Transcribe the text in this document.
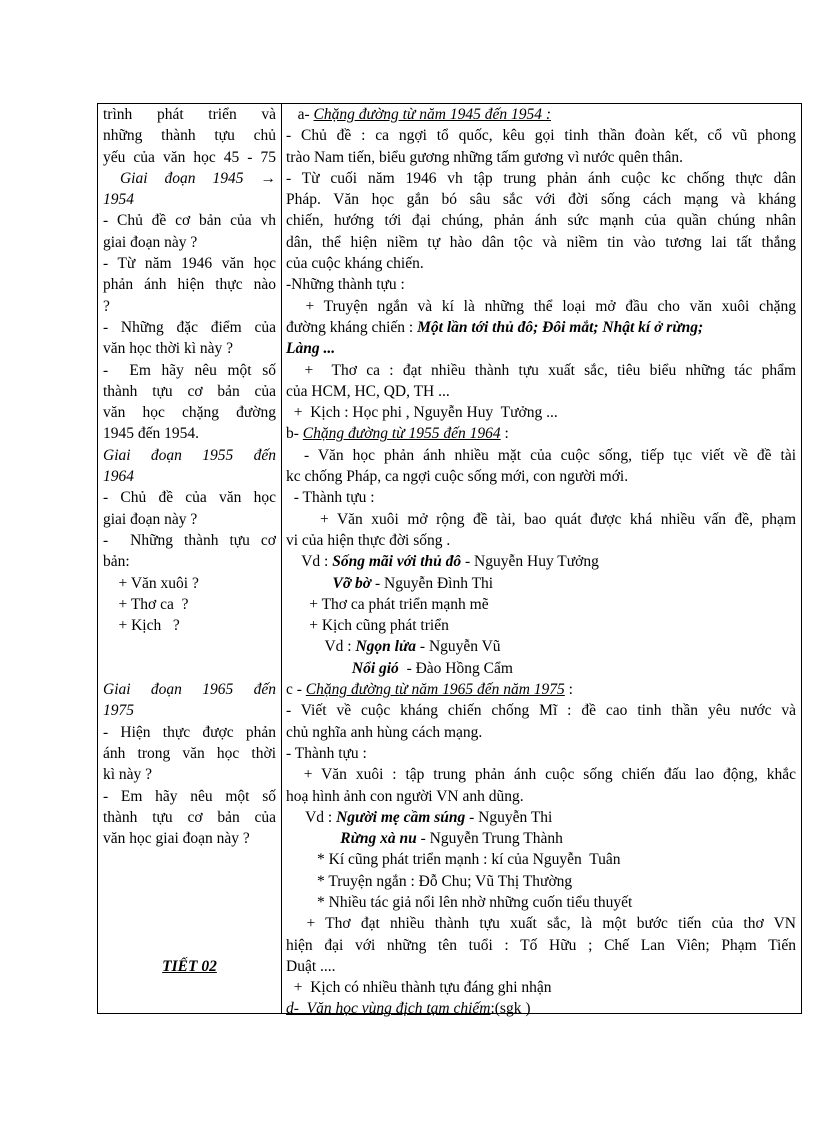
trình phát triển và
những thành tựu chủ
yếu của văn học 45 - 75
Giai đoạn 1945 →
1954
- Chủ đề cơ bản của vh
giai đoạn này ?
- Từ năm 1946 văn học
phản ánh hiện thực nào
?
- Những đặc điểm của
văn học thời kì này ?
-  Em hãy nêu một số
thành tựu cơ bản của
văn học chặng đường
1945 đến 1954.
Giai đoạn 1955 đến
1964
- Chủ đề của văn học
giai đoạn này ?
-  Những thành tựu cơ
bản:
+ Văn xuôi ?
+ Thơ ca  ?
+ Kịch   ?
Giai đoạn 1965 đến
1975
- Hiện thực được phản
ánh trong văn học thời
kì này ?
- Em hãy nêu một số
thành tựu cơ bản của
văn học giai đoạn này ?
TIẾT 02
a- Chặng đường từ năm 1945 đến 1954 :
- Chủ đề : ca ngợi tổ quốc, kêu gọi tinh thần đoàn kết, cổ vũ phong
trào Nam tiến, biểu gương những tấm gương vì nước quên thân.
- Từ cuối năm 1946 vh tập trung phản ánh cuộc kc chống thực dân
Pháp. Văn học gắn bó sâu sắc với đời sống cách mạng và kháng
chiến, hướng tới đại chúng, phản ánh sức mạnh của quần chúng nhân
dân, thể hiện niềm tự hào dân tộc và niềm tin vào tương lai tất thắng
của cuộc kháng chiến.
-Những thành tựu :
+ Truyện ngắn và kí là những thể loại mở đầu cho văn xuôi chặng
đường kháng chiến : Một lần tới thủ đô; Đôi mắt; Nhật kí ở rừng;
Làng ...
+  Thơ ca : đạt nhiều thành tựu xuất sắc, tiêu biểu những tác phẩm
của HCM, HC, QD, TH ...
+  Kịch : Học phi , Nguyễn Huy  Tưởng ...
b- Chặng đường từ 1955 đến 1964 :
- Văn học phản ánh nhiều mặt của cuộc sống, tiếp tục viết về đề tài
kc chống Pháp, ca ngợi cuộc sống mới, con người mới.
- Thành tựu :
+ Văn xuôi mở rộng đề tài, bao quát được khá nhiều vấn đề, phạm
vi của hiện thực đời sống .
Vd : Sống mãi với thủ đô - Nguyễn Huy Tưởng
Vỡ bờ - Nguyễn Đình Thi
+ Thơ ca phát triển mạnh mẽ
+ Kịch cũng phát triển
Vd : Ngọn lửa - Nguyễn Vũ
Nổi gió  - Đào Hồng Cẩm
c - Chặng đường từ năm 1965 đến năm 1975 :
- Viết về cuộc kháng chiến chống Mĩ : đề cao tinh thần yêu nước và
chủ nghĩa anh hùng cách mạng.
- Thành tựu :
+ Văn xuôi : tập trung phản ánh cuộc sống chiến đấu lao động, khắc
hoạ hình ảnh con người VN anh dũng.
Vd : Người mẹ cầm súng - Nguyễn Thi
Rừng xà nu - Nguyễn Trung Thành
* Kí cũng phát triển mạnh : kí của Nguyễn  Tuân
* Truyện ngắn : Đỗ Chu; Vũ Thị Thường
* Nhiều tác giả nổi lên nhờ những cuốn tiểu thuyết
+ Thơ đạt nhiều thành tựu xuất sắc, là một bước tiến của thơ VN
hiện đại với những tên tuổi : Tố Hữu ; Chế Lan Viên; Phạm Tiến
Duật ....
+  Kịch có nhiều thành tựu đáng ghi nhận
d-  Văn học vùng địch tạm chiếm:(sgk )
